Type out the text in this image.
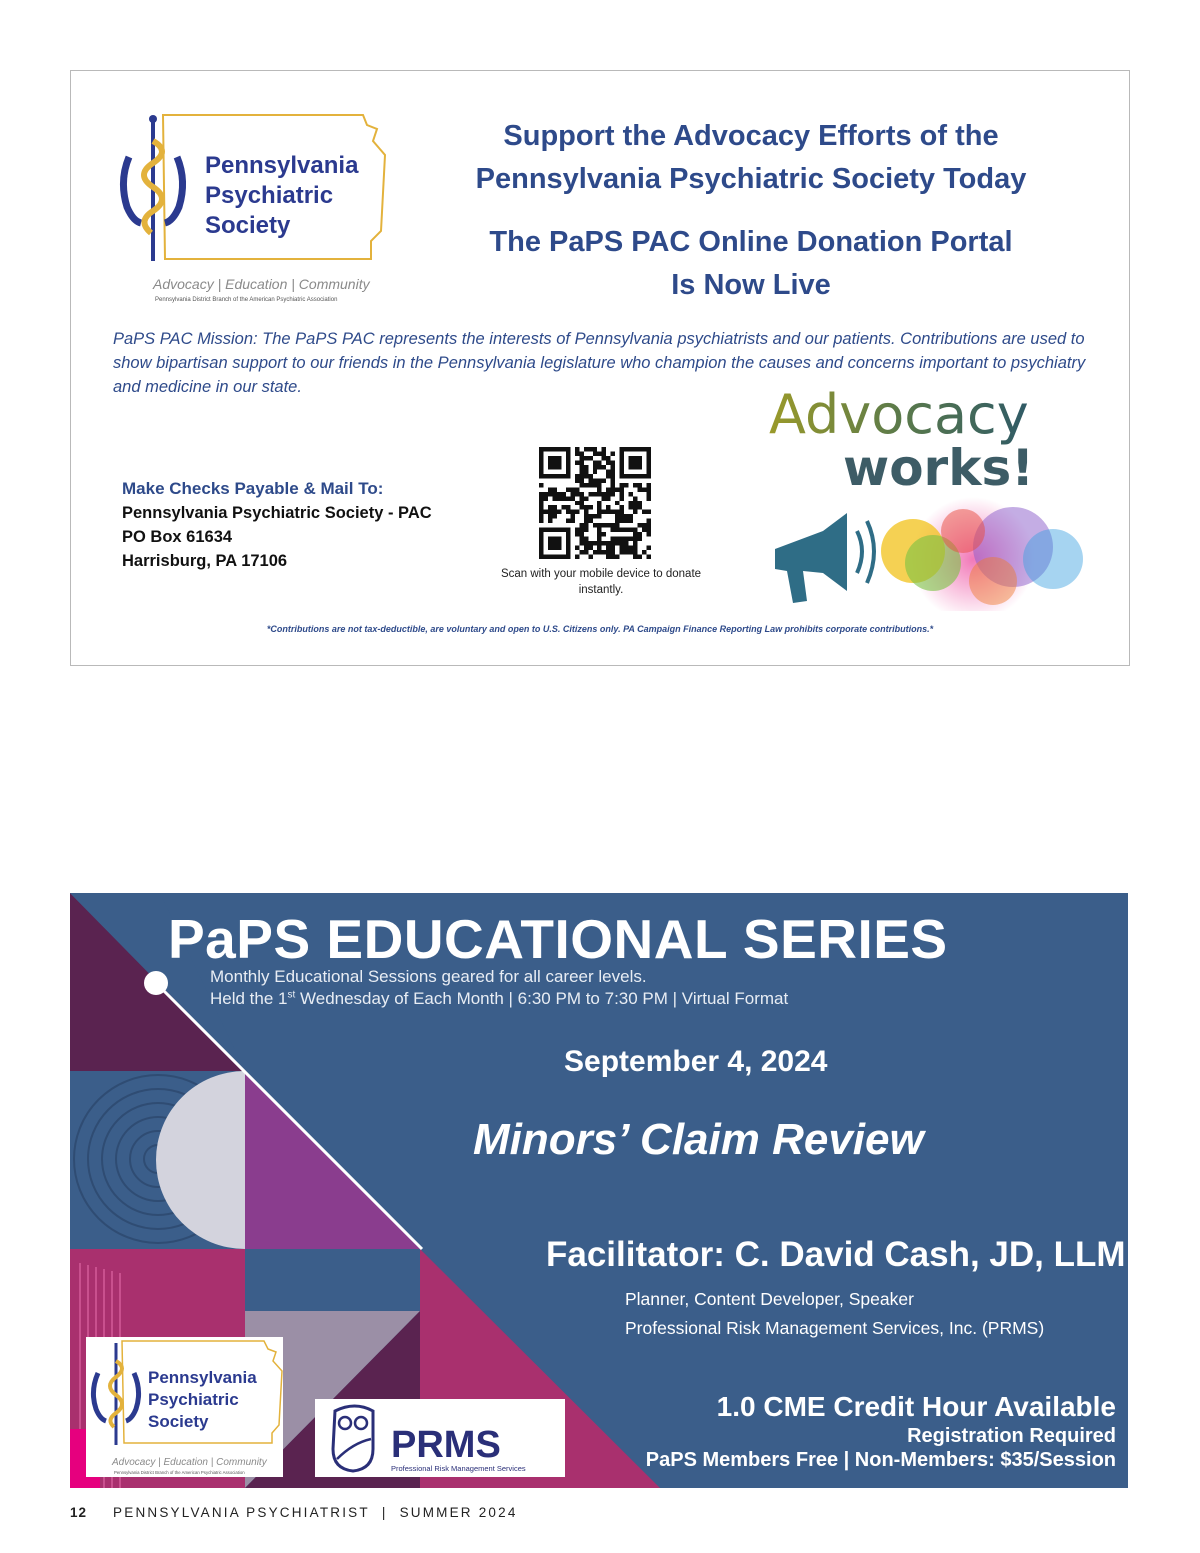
Pennsylvania
Psychiatric
Society
Advocacy | Education | Community
Pennsylvania District Branch of the American Psychiatric Association
Support the Advocacy Efforts of the
Pennsylvania Psychiatric Society Today
The PaPS PAC Online Donation Portal
Is Now Live
PaPS PAC Mission: The PaPS PAC represents the interests of Pennsylvania psychiatrists and our patients. Contributions are used to show bipartisan support to our friends in the Pennsylvania legislature who champion the causes and concerns important to psychiatry and medicine in our state.
Make Checks Payable & Mail To:
Pennsylvania Psychiatric Society - PAC
PO Box 61634
Harrisburg, PA 17106
Scan with your mobile device to donate
instantly.
Advocacy
works!
*Contributions are not tax-deductible, are voluntary and open to U.S. Citizens only. PA Campaign Finance Reporting Law prohibits corporate contributions.*
PaPS EDUCATIONAL SERIES
Monthly Educational Sessions geared for all career levels.
Held the 1st Wednesday of Each Month | 6:30 PM to 7:30 PM | Virtual Format
September 4, 2024
Minors’ Claim Review
Facilitator: C. David Cash, JD, LLM
Planner, Content Developer, Speaker
Professional Risk Management Services, Inc. (PRMS)
1.0 CME Credit Hour Available
Registration Required
PaPS Members Free | Non-Members: $35/Session
Pennsylvania
Psychiatric
Society
Advocacy | Education | Community
Pennsylvania District Branch of the American Psychiatric Association
PRMS
Professional Risk Management Services
12 PENNSYLVANIA PSYCHIATRIST | SUMMER 2024
